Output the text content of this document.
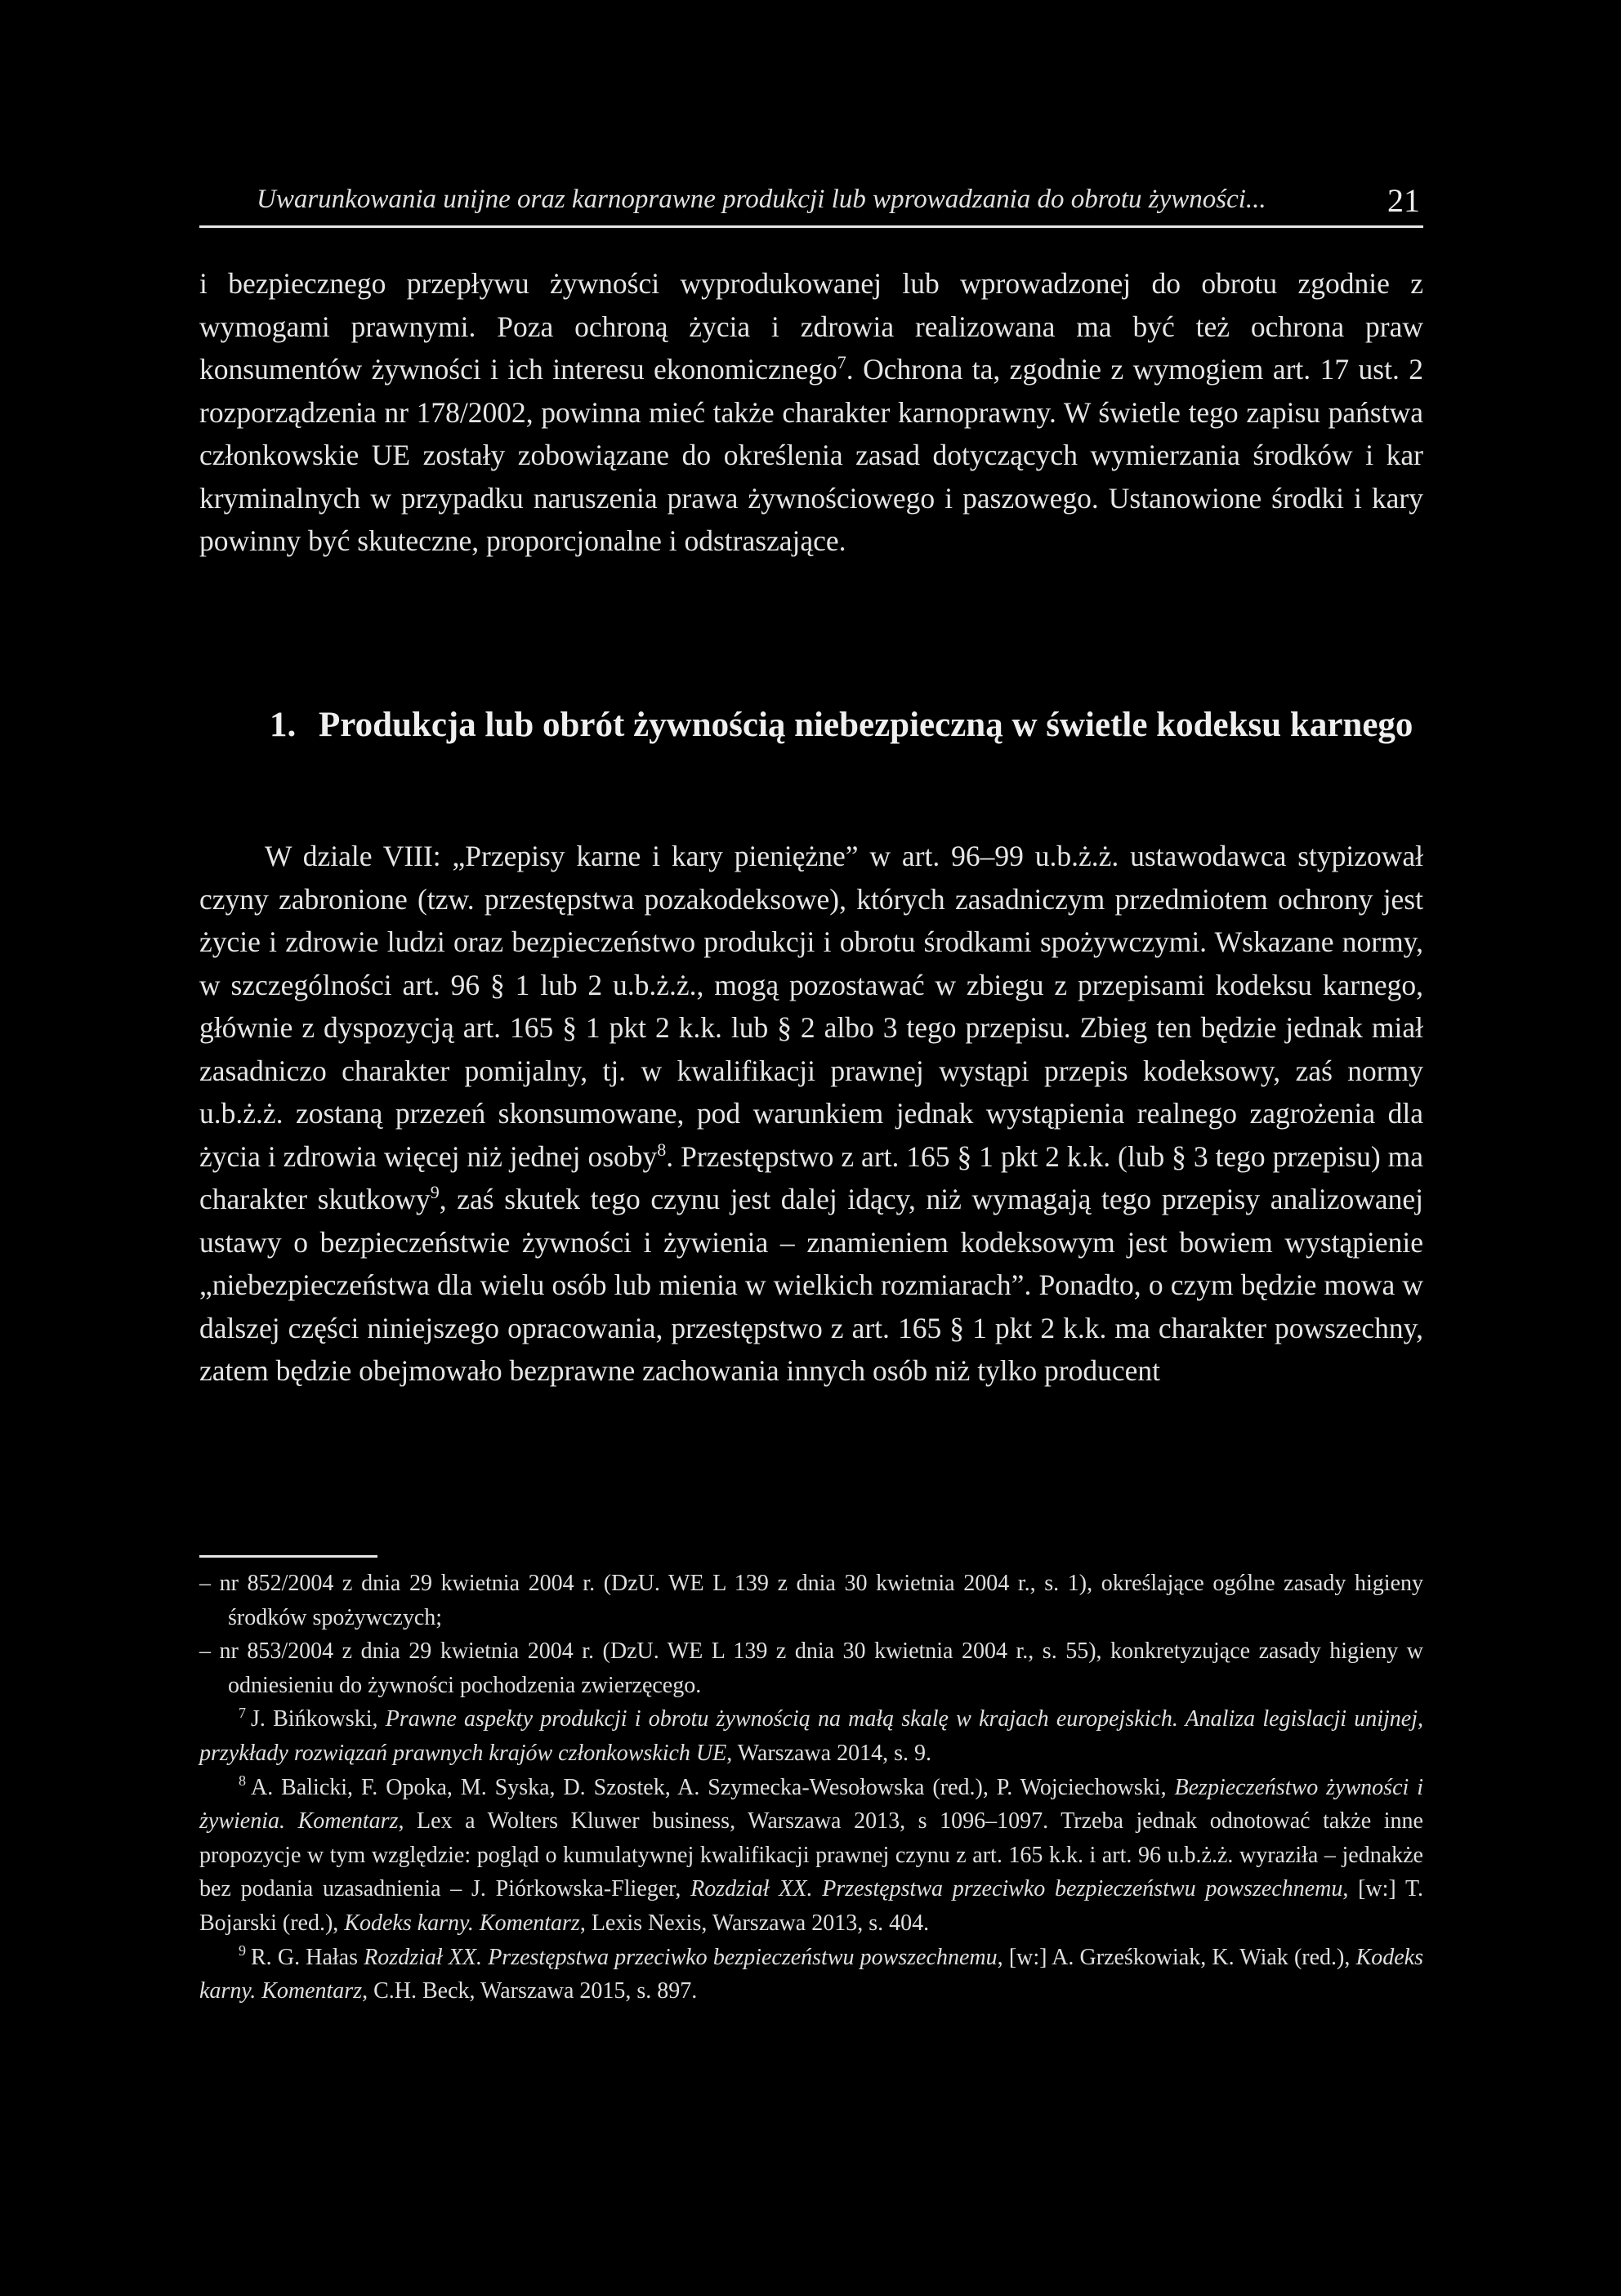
Uwarunkowania unijne oraz karnoprawne produkcji lub wprowadzania do obrotu żywności...	21

i bezpiecznego przepływu żywności wyprodukowanej lub wprowadzonej do obrotu zgodnie z wymogami prawnymi. Poza ochroną życia i zdrowia realizowana ma być też ochrona praw konsumentów żywności i ich interesu ekonomicznego$^7$. Ochrona ta, zgodnie z wymogiem art. 17 ust. 2 rozporządzenia nr 178/2002, powinna mieć także charakter karnoprawny. W świetle tego zapisu państwa członkowskie UE zostały zobowiązane do określenia zasad dotyczących wymierzania środków i kar kryminalnych w przypadku naruszenia prawa żywnościowego i paszowego. Ustanowione środki i kary powinny być skuteczne, proporcjonalne i odstraszające.

1. Produkcja lub obrót żywnością niebezpieczną w świetle kodeksu karnego

W dziale VIII: „Przepisy karne i kary pieniężne” w art. 96–99 u.b.ż.ż. ustawodawca stypizował czyny zabronione (tzw. przestępstwa pozakodeksowe), których zasadniczym przedmiotem ochrony jest życie i zdrowie ludzi oraz bezpieczeństwo produkcji i obrotu środkami spożywczymi. Wskazane normy, w szczególności art. 96 § 1 lub 2 u.b.ż.ż., mogą pozostawać w zbiegu z przepisami kodeksu karnego, głównie z dyspozycją art. 165 § 1 pkt 2 k.k. lub § 2 albo 3 tego przepisu. Zbieg ten będzie jednak miał zasadniczo charakter pomijalny, tj. w kwalifikacji prawnej wystąpi przepis kodeksowy, zaś normy u.b.ż.ż. zostaną przezeń skonsumowane, pod warunkiem jednak wystąpienia realnego zagrożenia dla życia i zdrowia więcej niż jednej osoby$^8$. Przestępstwo z art. 165 § 1 pkt 2 k.k. (lub § 3 tego przepisu) ma charakter skutkowy$^9$, zaś skutek tego czynu jest dalej idący, niż wymagają tego przepisy analizowanej ustawy o bezpieczeństwie żywności i żywienia – znamieniem kodeksowym jest bowiem wystąpienie „niebezpieczeństwa dla wielu osób lub mienia w wielkich rozmiarach”. Ponadto, o czym będzie mowa w dalszej części niniejszego opracowania, przestępstwo z art. 165 § 1 pkt 2 k.k. ma charakter powszechny, zatem będzie obejmowało bezprawne zachowania innych osób niż tylko producent

– nr 852/2004 z dnia 29 kwietnia 2004 r. (DzU. WE L 139 z dnia 30 kwietnia 2004 r., s. 1), określające ogólne zasady higieny środków spożywczych;

– nr 853/2004 z dnia 29 kwietnia 2004 r. (DzU. WE L 139 z dnia 30 kwietnia 2004 r., s. 55), konkretyzujące zasady higieny w odniesieniu do żywności pochodzenia zwierzęcego.

$^7$ J. Bińkowski, Prawne aspekty produkcji i obrotu żywnością na małą skalę w krajach europejskich. Analiza legislacji unijnej, przykłady rozwiązań prawnych krajów członkowskich UE, Warszawa 2014, s. 9.

$^8$ A. Balicki, F. Opoka, M. Syska, D. Szostek, A. Szymecka-Wesołowska (red.), P. Wojciechowski, Bezpieczeństwo żywności i żywienia. Komentarz, Lex a Wolters Kluwer business, Warszawa 2013, s 1096–1097. Trzeba jednak odnotować także inne propozycje w tym względzie: pogląd o kumulatywnej kwalifikacji prawnej czynu z art. 165 k.k. i art. 96 u.b.ż.ż. wyraziła – jednakże bez podania uzasadnienia – J. Piórkowska-Flieger, Rozdział XX. Przestępstwa przeciwko bezpieczeństwu powszechnemu, [w:] T. Bojarski (red.), Kodeks karny. Komentarz, Lexis Nexis, Warszawa 2013, s. 404.

$^9$ R. G. Hałas Rozdział XX. Przestępstwa przeciwko bezpieczeństwu powszechnemu, [w:] A. Grześkowiak, K. Wiak (red.), Kodeks karny. Komentarz, C.H. Beck, Warszawa 2015, s. 897.
